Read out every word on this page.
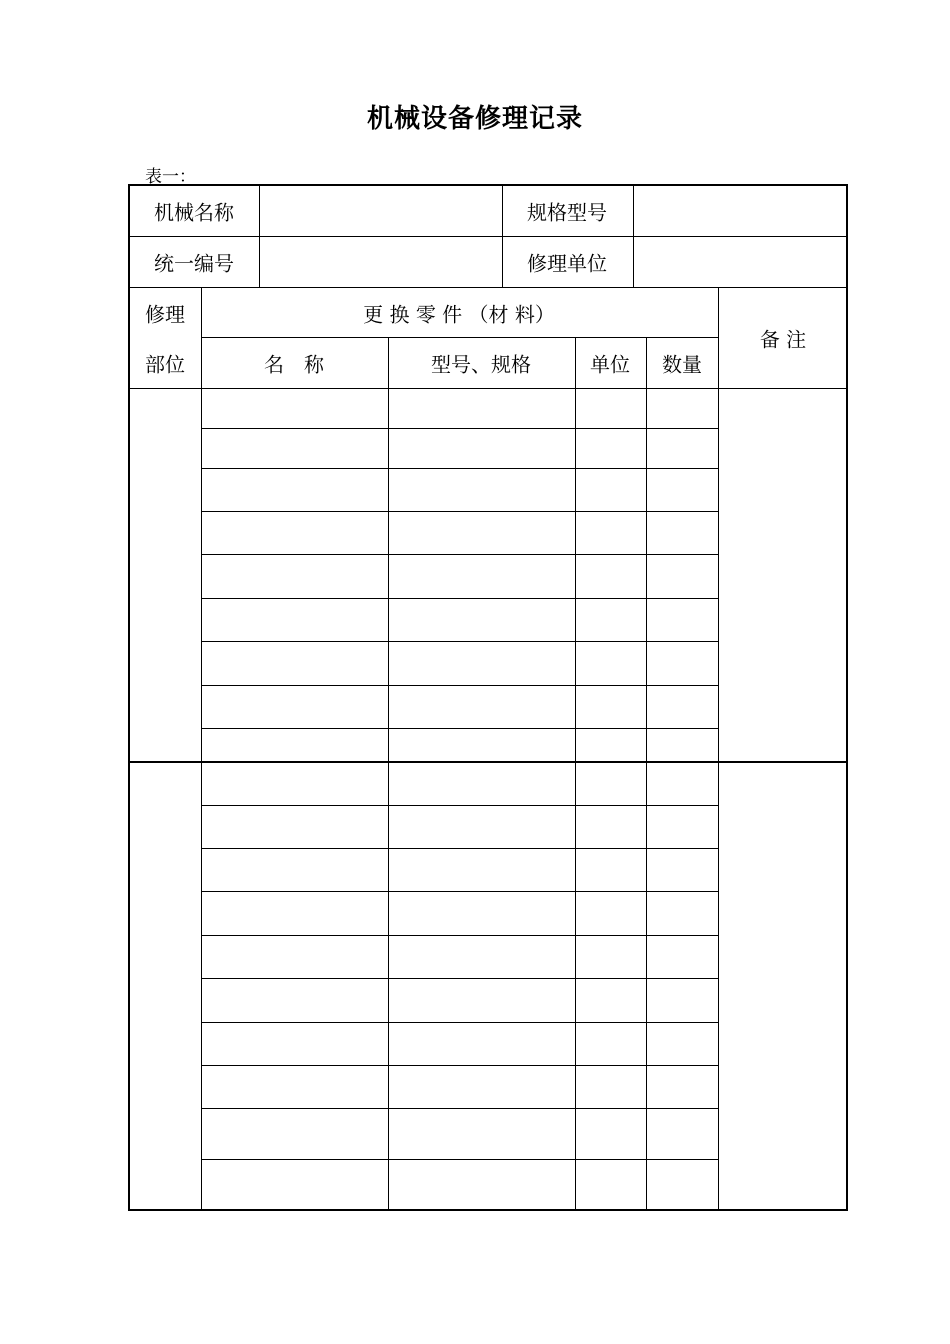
机械设备修理记录
表一：
机械名称	规格型号
统一编号	修理单位
修理
部位
更 换 零 件 （材 料）
名　称	型号、规格	单位 数量
备 注
